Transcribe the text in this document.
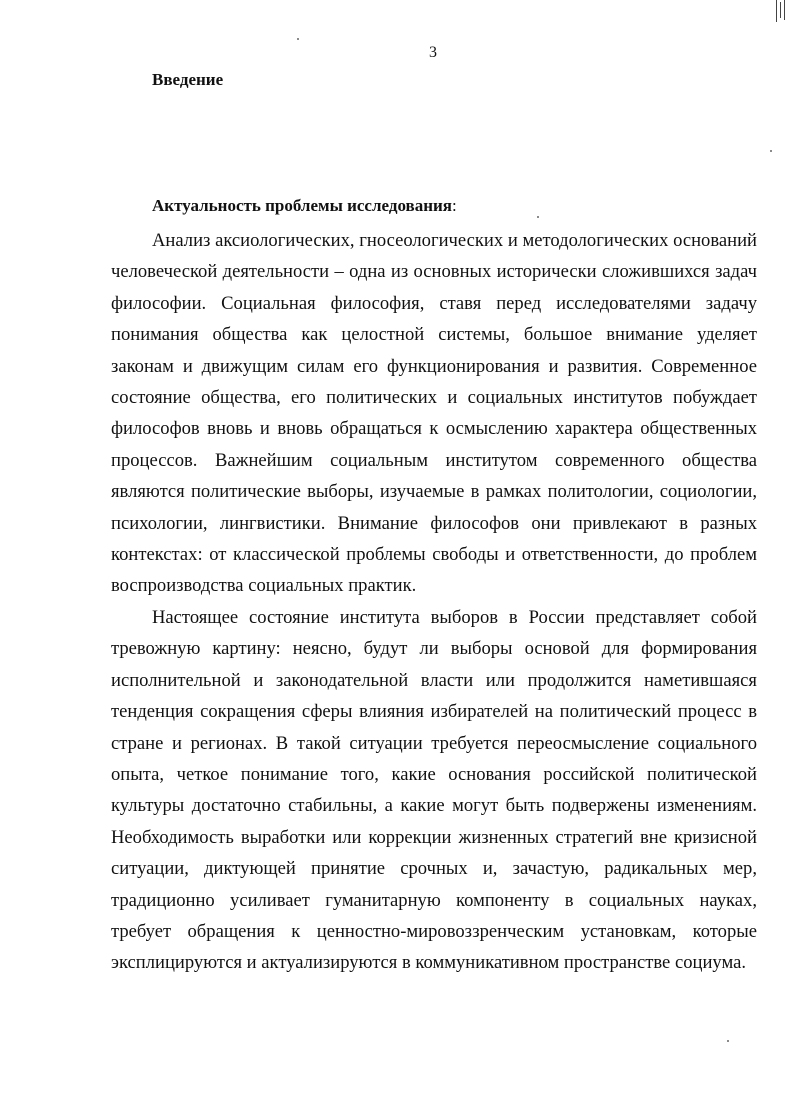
3
Введение
Актуальность проблемы исследования:

Анализ аксиологических, гносеологических и методологических оснований человеческой деятельности – одна из основных исторически сложившихся задач философии. Социальная философия, ставя перед исследователями задачу понимания общества как целостной системы, большое внимание уделяет законам и движущим силам его функционирования и развития. Современное состояние общества, его политических и социальных институтов побуждает философов вновь и вновь обращаться к осмыслению характера общественных процессов. Важнейшим социальным институтом современного общества являются политические выборы, изучаемые в рамках политологии, социологии, психологии, лингвистики. Внимание философов они привлекают в разных контекстах: от классической проблемы свободы и ответственности, до проблем воспроизводства социальных практик.

Настоящее состояние института выборов в России представляет собой тревожную картину: неясно, будут ли выборы основой для формирования исполнительной и законодательной власти или продолжится наметившаяся тенденция сокращения сферы влияния избирателей на политический процесс в стране и регионах. В такой ситуации требуется переосмысление социального опыта, четкое понимание того, какие основания российской политической культуры достаточно стабильны, а какие могут быть подвержены изменениям. Необходимость выработки или коррекции жизненных стратегий вне кризисной ситуации, диктующей принятие срочных и, зачастую, радикальных мер, традиционно усиливает гуманитарную компоненту в социальных науках, требует обращения к ценностно-мировоззренческим установкам, которые эксплицируются и актуализируются в коммуникативном пространстве социума.
